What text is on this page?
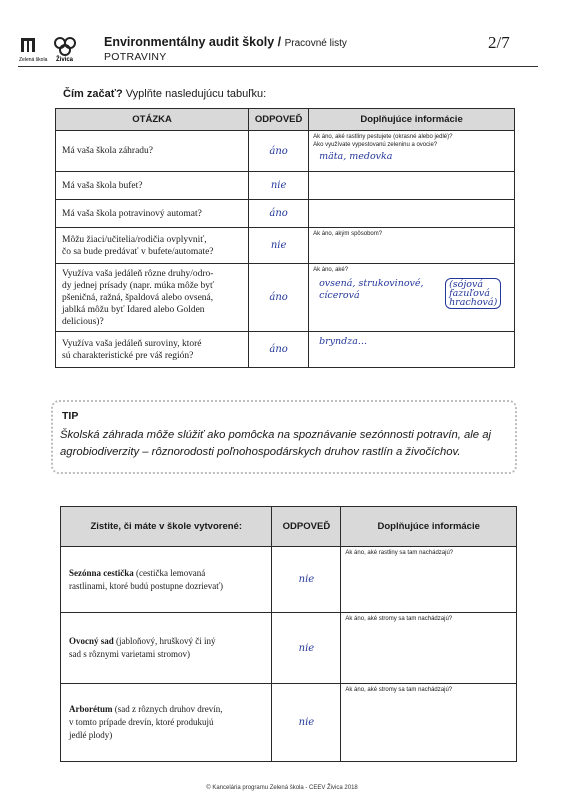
Zelená škola Živica
Environmentálny audit školy / Pracovné listy
POTRAVINY
2/7
Čím začať? Vyplňte nasledujúcu tabuľku:
OTÁZKA	ODPOVEĎ	Doplňujúce informácie

Má vaša škola záhradu?	áno	Ak áno, aké rastliny pestujete (okrasné alebo jedlé)?
Ako využívate vypestovanú zeleninu a ovocie?
mäta, medovka

Má vaša škola bufet?	nie	

Má vaša škola potravinový automat?	áno	

Môžu žiaci/učitelia/rodičia ovplyvniť,
čo sa bude predávať v bufete/automate?	nie	Ak áno, akým spôsobom?

Využíva vaša jedáleň rôzne druhy/odro-
dy jednej prísady (napr. múka môže byť
pšeničná, ražná, špaldová alebo ovsená,
jablká môžu byť Idared alebo Golden
delicious)?	áno	Ak áno, aké?
ovsená, strukovinové, cícerová
(sójová
fazuľová
hrachová)

Využíva vaša jedáleň suroviny, ktoré
sú charakteristické pre váš región?	áno	bryndza...
TIP
Školská záhrada môže slúžiť ako pomôcka na spoznávanie sezónnosti potravín, ale aj
agrobiodiverzity – rôznorodosti poľnohospodárskych druhov rastlín a živočíchov.
Zistite, či máte v škole vytvorené:	ODPOVEĎ	Doplňujúce informácie

Sezónna cestička (cestička lemovaná
rastlinami, ktoré budú postupne dozrievať)	nie	Ak áno, aké rastliny sa tam nachádzajú?

Ovocný sad (jabloňový, hruškový či iný
sad s rôznymi varietami stromov)	nie	Ak áno, aké stromy sa tam nachádzajú?

Arborétum (sad z rôznych druhov drevín,
v tomto prípade drevín, ktoré produkujú
jedlé plody)	nie	Ak áno, aké stromy sa tam nachádzajú?
© Kancelária programu Zelená škola - CEEV Živica 2018
